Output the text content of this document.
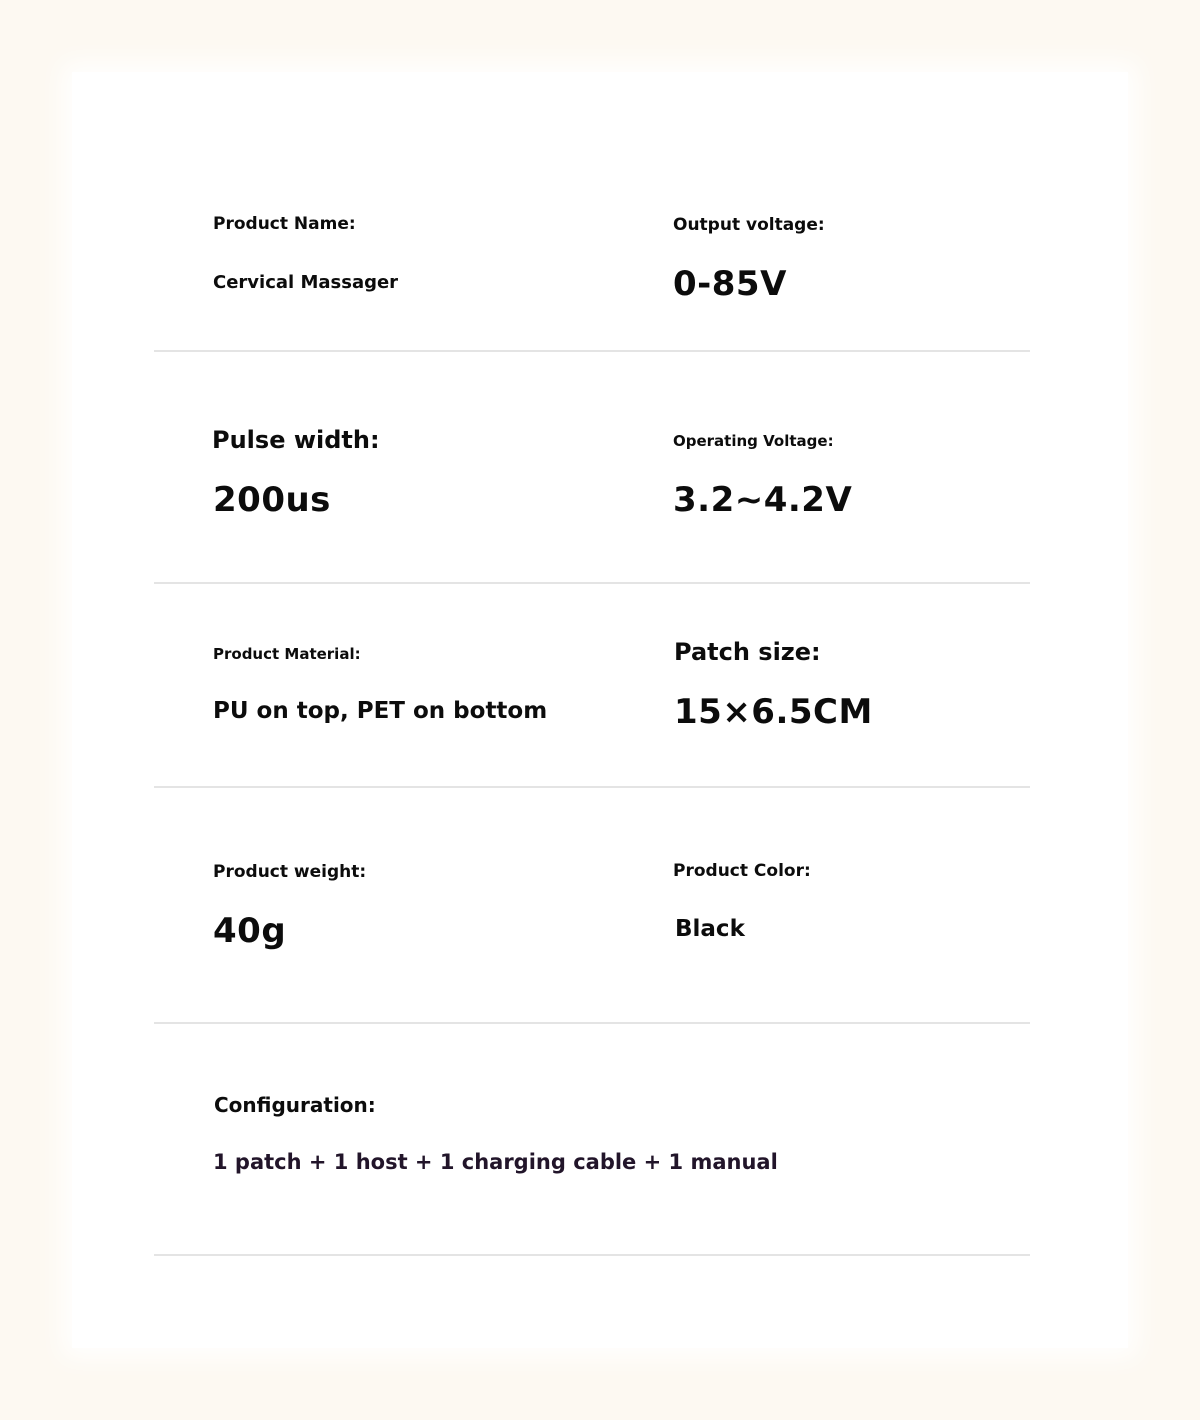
Product Name:
Cervical Massager
Output voltage:
0-85V
Pulse width:
200us
Operating Voltage:
3.2~4.2V
Product Material:
PU on top, PET on bottom
Patch size:
15×6.5CM
Product weight:
40g
Product Color:
Black
Configuration:
1 patch + 1 host + 1 charging cable + 1 manual
